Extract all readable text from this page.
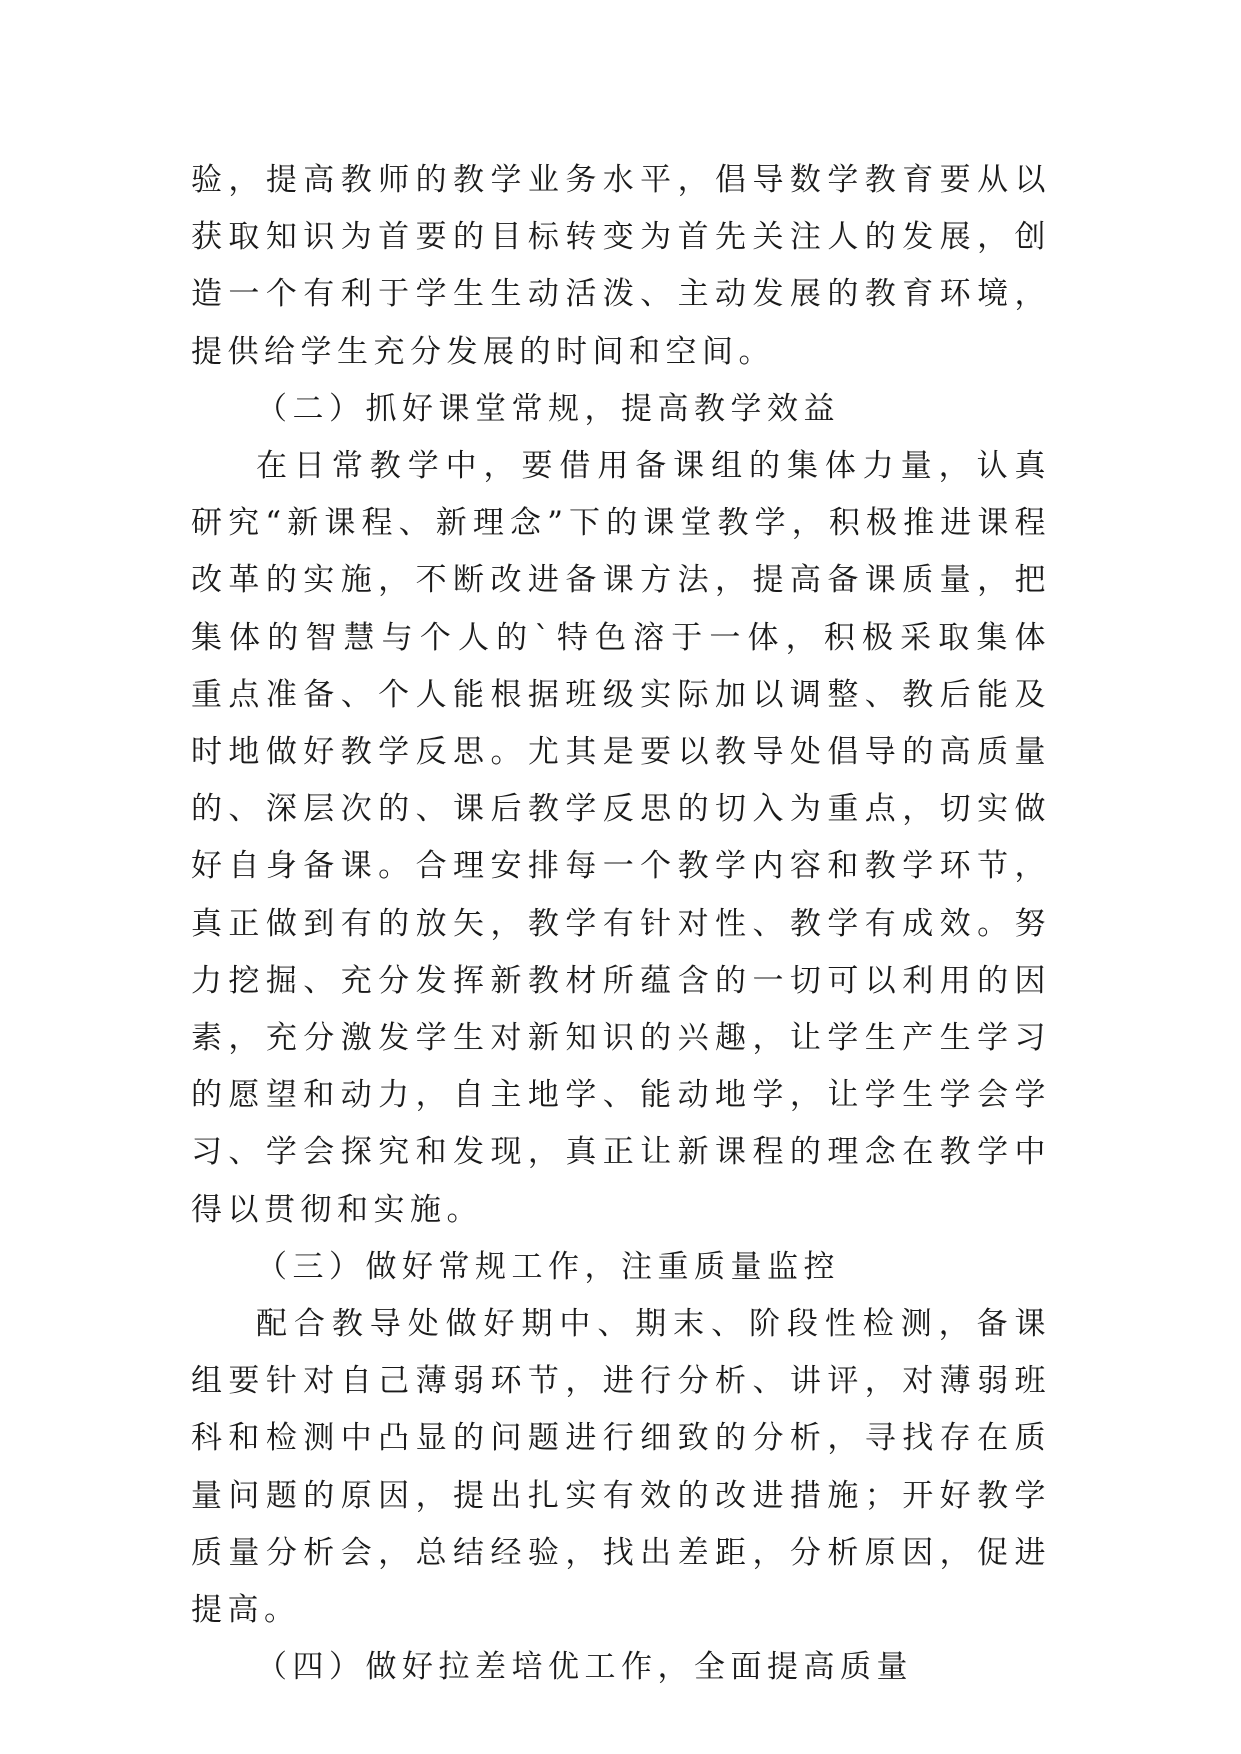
验，提高教师的教学业务水平，倡导数学教育要从以获取知识为首要的目标转变为首先关注人的发展，创造一个有利于学生生动活泼、主动发展的教育环境，提供给学生充分发展的时间和空间。

（二）抓好课堂常规，提高教学效益

在日常教学中，要借用备课组的集体力量，认真研究“新课程、新理念”下的课堂教学，积极推进课程改革的实施，不断改进备课方法，提高备课质量，把集体的智慧与个人的`特色溶于一体，积极采取集体重点准备、个人能根据班级实际加以调整、教后能及时地做好教学反思。尤其是要以教导处倡导的高质量的、深层次的、课后教学反思的切入为重点，切实做好自身备课。合理安排每一个教学内容和教学环节，真正做到有的放矢，教学有针对性、教学有成效。努力挖掘、充分发挥新教材所蕴含的一切可以利用的因素，充分激发学生对新知识的兴趣，让学生产生学习的愿望和动力，自主地学、能动地学，让学生学会学习、学会探究和发现，真正让新课程的理念在教学中得以贯彻和实施。

（三）做好常规工作，注重质量监控

配合教导处做好期中、期末、阶段性检测，备课组要针对自己薄弱环节，进行分析、讲评，对薄弱班科和检测中凸显的问题进行细致的分析，寻找存在质量问题的原因，提出扎实有效的改进措施；开好教学质量分析会，总结经验，找出差距，分析原因，促进提高。

（四）做好拉差培优工作，全面提高质量
